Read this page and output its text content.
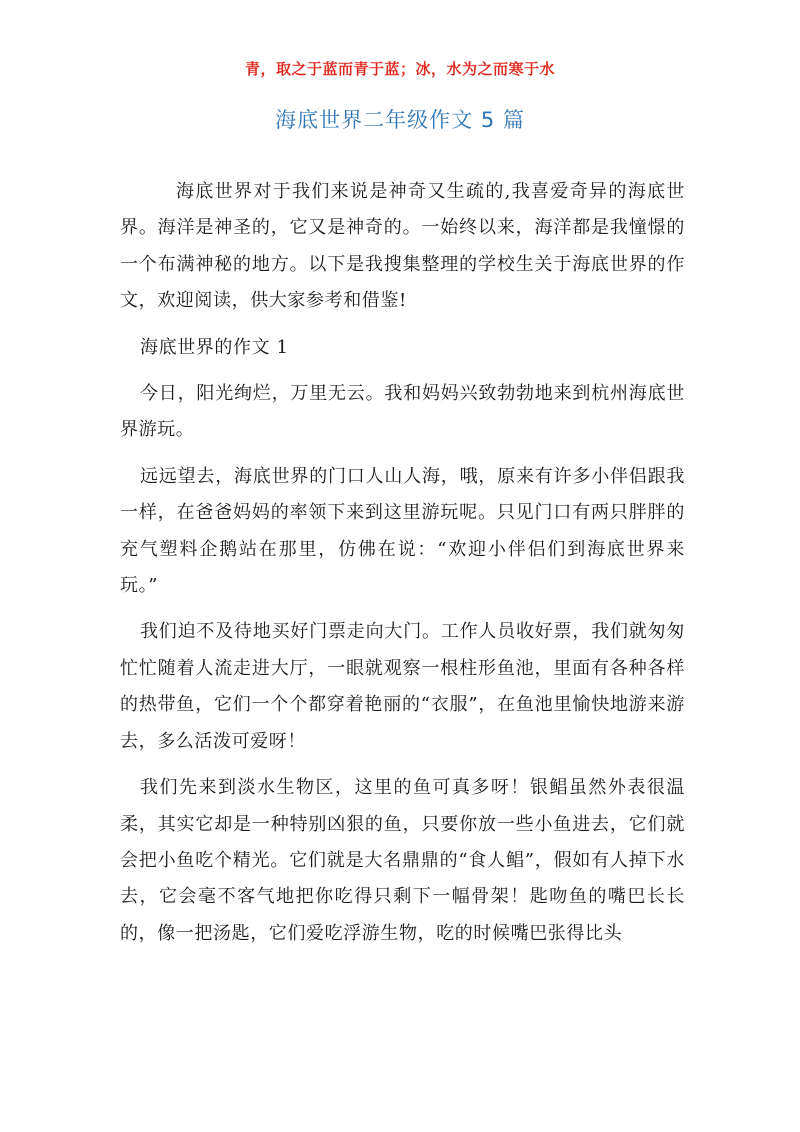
青，取之于蓝而青于蓝；冰，水为之而寒于水
海底世界二年级作文 5 篇

海底世界对于我们来说是神奇又生疏的,我喜爱奇异的海底世界。海洋是神圣的，它又是神奇的。一始终以来，海洋都是我憧憬的一个布满神秘的地方。以下是我搜集整理的学校生关于海底世界的作文，欢迎阅读，供大家参考和借鉴!

海底世界的作文 1

今日，阳光绚烂，万里无云。我和妈妈兴致勃勃地来到杭州海底世界游玩。

远远望去，海底世界的门口人山人海，哦，原来有许多小伴侣跟我一样，在爸爸妈妈的率领下来到这里游玩呢。只见门口有两只胖胖的充气塑料企鹅站在那里，仿佛在说：“欢迎小伴侣们到海底世界来玩。”

我们迫不及待地买好门票走向大门。工作人员收好票，我们就匆匆忙忙随着人流走进大厅，一眼就观察一根柱形鱼池，里面有各种各样的热带鱼，它们一个个都穿着艳丽的“衣服”，在鱼池里愉快地游来游去，多么活泼可爱呀！

我们先来到淡水生物区，这里的鱼可真多呀！银鲳虽然外表很温柔，其实它却是一种特别凶狠的鱼，只要你放一些小鱼进去，它们就会把小鱼吃个精光。它们就是大名鼎鼎的“食人鲳”，假如有人掉下水去，它会毫不客气地把你吃得只剩下一幅骨架！匙吻鱼的嘴巴长长的，像一把汤匙，它们爱吃浮游生物，吃的时候嘴巴张得比头
